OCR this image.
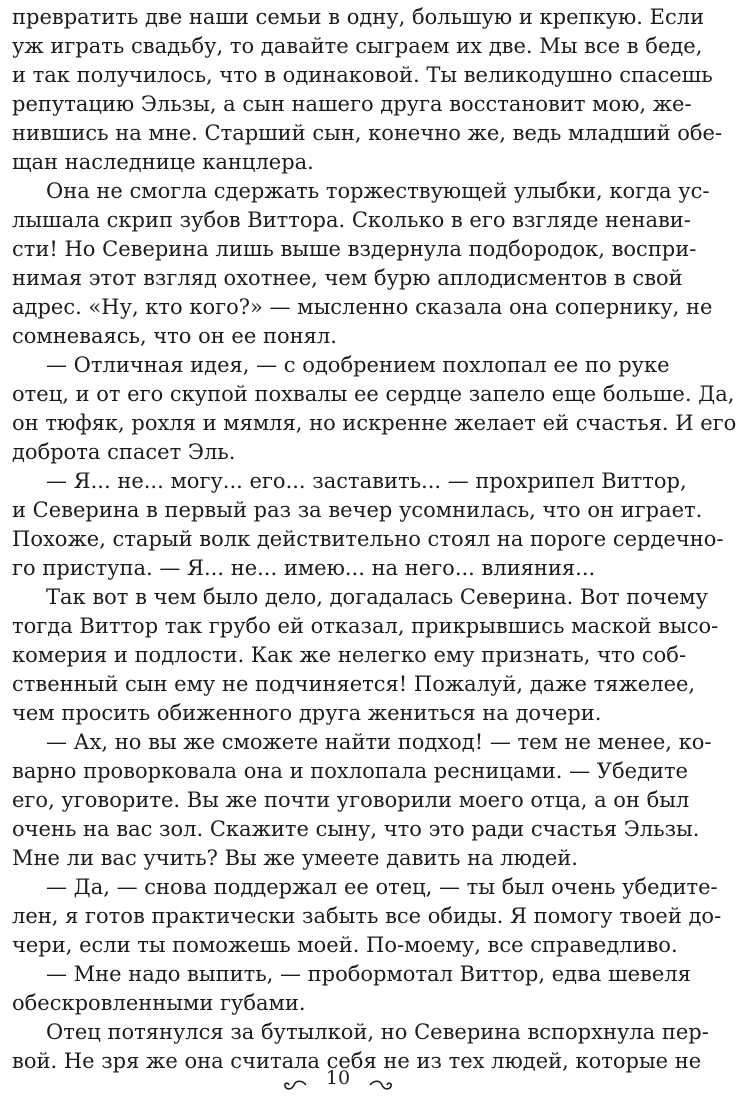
превратить две наши семьи в одну, большую и крепкую. Если
уж играть свадьбу, то давайте сыграем их две. Мы все в беде,
и так получилось, что в одинаковой. Ты великодушно спасешь
репутацию Эльзы, а сын нашего друга восстановит мою, же-
нившись на мне. Старший сын, конечно же, ведь младший обе-
щан наследнице канцлера.
Она не смогла сдержать торжествующей улыбки, когда ус-
лышала скрип зубов Виттора. Сколько в его взгляде ненави-
сти! Но Северина лишь выше вздернула подбородок, воспри-
нимая этот взгляд охотнее, чем бурю аплодисментов в свой
адрес. «Ну, кто кого?» — мысленно сказала она сопернику, не
сомневаясь, что он ее понял.
— Отличная идея, — с одобрением похлопал ее по руке
отец, и от его скупой похвалы ее сердце запело еще больше. Да,
он тюфяк, рохля и мямля, но искренне желает ей счастья. И его
доброта спасет Эль.
— Я... не... могу... его... заставить... — прохрипел Виттор,
и Северина в первый раз за вечер усомнилась, что он играет.
Похоже, старый волк действительно стоял на пороге сердечно-
го приступа. — Я... не... имею... на него... влияния...
Так вот в чем было дело, догадалась Северина. Вот почему
тогда Виттор так грубо ей отказал, прикрывшись маской высо-
комерия и подлости. Как же нелегко ему признать, что соб-
ственный сын ему не подчиняется! Пожалуй, даже тяжелее,
чем просить обиженного друга жениться на дочери.
— Ах, но вы же сможете найти подход! — тем не менее, ко-
варно проворковала она и похлопала ресницами. — Убедите
его, уговорите. Вы же почти уговорили моего отца, а он был
очень на вас зол. Скажите сыну, что это ради счастья Эльзы.
Мне ли вас учить? Вы же умеете давить на людей.
— Да, — снова поддержал ее отец, — ты был очень убедите-
лен, я готов практически забыть все обиды. Я помогу твоей до-
чери, если ты поможешь моей. По-моему, все справедливо.
— Мне надо выпить, — пробормотал Виттор, едва шевеля
обескровленными губами.
Отец потянулся за бутылкой, но Северина вспорхнула пер-
вой. Не зря же она считала себя не из тех людей, которые не
10
